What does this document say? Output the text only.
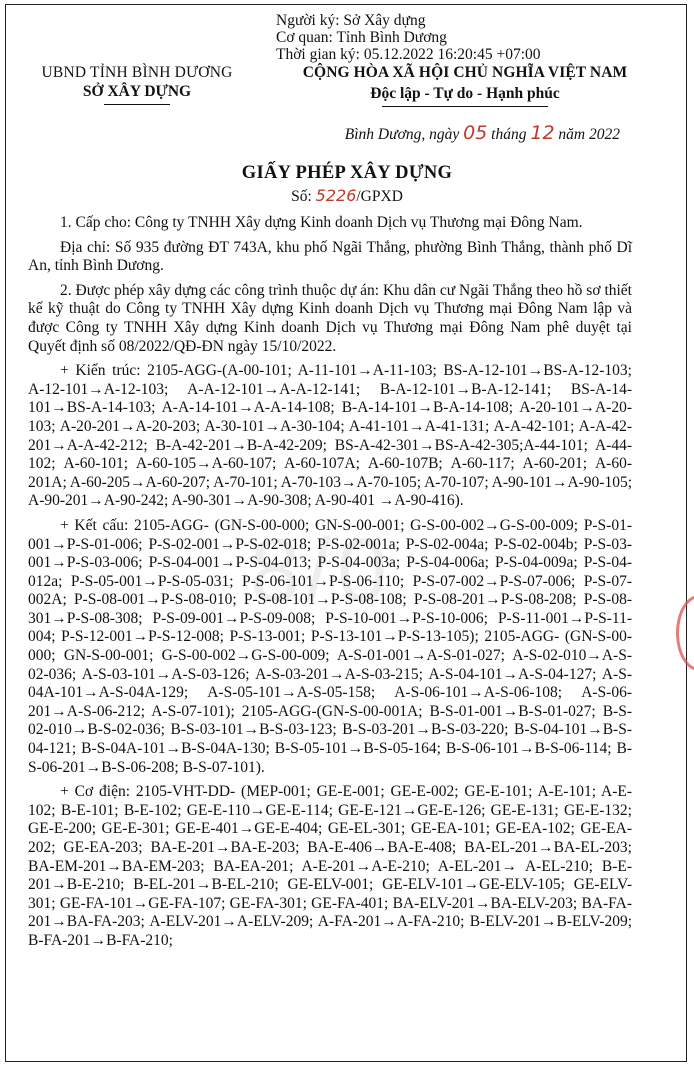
Người ký: Sở Xây dựng
Cơ quan: Tỉnh Bình Dương
Thời gian ký: 05.12.2022 16:20:45 +07:00
UBND TỈNH BÌNH DƯƠNG
SỞ XÂY DỰNG
CỘNG HÒA XÃ HỘI CHỦ NGHĨA VIỆT NAM
Độc lập - Tự do - Hạnh phúc
Bình Dương, ngày 05 tháng 12 năm 2022
GIẤY PHÉP XÂY DỰNG
Số: 5226/GPXD
8/0

1. Cấp cho: Công ty TNHH Xây dựng Kinh doanh Dịch vụ Thương mại Đông Nam.

Địa chỉ: Số 935 đường ĐT 743A, khu phố Ngãi Thắng, phường Bình Thắng, thành phố Dĩ An, tỉnh Bình Dương.

2. Được phép xây dựng các công trình thuộc dự án: Khu dân cư Ngãi Thắng theo hồ sơ thiết kế kỹ thuật do Công ty TNHH Xây dựng Kinh doanh Dịch vụ Thương mại Đông Nam lập và được Công ty TNHH Xây dựng Kinh doanh Dịch vụ Thương mại Đông Nam phê duyệt tại Quyết định số 08/2022/QĐ-ĐN ngày 15/10/2022.

+ Kiến trúc: 2105-AGG-(A-00-101; A-11-101→A-11-103; BS-A-12-101→BS-A-12-103; A-12-101→A-12-103; A-A-12-101→A-A-12-141; B-A-12-101→B-A-12-141; BS-A-14-101→BS-A-14-103; A-A-14-101→A-A-14-108; B-A-14-101→B-A-14-108; A-20-101→A-20-103; A-20-201→A-20-203; A-30-101→A-30-104; A-41-101→A-41-131; A-A-42-101; A-A-42-201→A-A-42-212; B-A-42-201→B-A-42-209; BS-A-42-301→BS-A-42-305;A-44-101; A-44-102; A-60-101; A-60-105→A-60-107; A-60-107A; A-60-107B; A-60-117; A-60-201; A-60-201A; A-60-205→A-60-207; A-70-101; A-70-103→A-70-105; A-70-107; A-90-101→A-90-105; A-90-201→A-90-242; A-90-301→A-90-308; A-90-401 →A-90-416).

+ Kết cấu: 2105-AGG- (GN-S-00-000; GN-S-00-001; G-S-00-002→G-S-00-009; P-S-01-001→P-S-01-006; P-S-02-001→P-S-02-018; P-S-02-001a; P-S-02-004a; P-S-02-004b; P-S-03-001→P-S-03-006; P-S-04-001→P-S-04-013; P-S-04-003a; P-S-04-006a; P-S-04-009a; P-S-04-012a; P-S-05-001→P-S-05-031; P-S-06-101→P-S-06-110; P-S-07-002→P-S-07-006; P-S-07-002A; P-S-08-001→P-S-08-010; P-S-08-101→P-S-08-108; P-S-08-201→P-S-08-208; P-S-08-301→P-S-08-308; P-S-09-001→P-S-09-008; P-S-10-001→P-S-10-006; P-S-11-001→P-S-11-004; P-S-12-001→P-S-12-008; P-S-13-001; P-S-13-101→P-S-13-105); 2105-AGG- (GN-S-00-000; GN-S-00-001; G-S-00-002→G-S-00-009; A-S-01-001→A-S-01-027; A-S-02-010→A-S-02-036; A-S-03-101→A-S-03-126; A-S-03-201→A-S-03-215; A-S-04-101→A-S-04-127; A-S-04A-101→A-S-04A-129; A-S-05-101→A-S-05-158; A-S-06-101→A-S-06-108; A-S-06-201→A-S-06-212; A-S-07-101); 2105-AGG-(GN-S-00-001A; B-S-01-001→B-S-01-027; B-S-02-010→B-S-02-036; B-S-03-101→B-S-03-123; B-S-03-201→B-S-03-220; B-S-04-101→B-S-04-121; B-S-04A-101→B-S-04A-130; B-S-05-101→B-S-05-164; B-S-06-101→B-S-06-114; B-S-06-201→B-S-06-208; B-S-07-101).

+ Cơ điện: 2105-VHT-DD- (MEP-001; GE-E-001; GE-E-002; GE-E-101; A-E-101; A-E-102; B-E-101; B-E-102; GE-E-110→GE-E-114; GE-E-121→GE-E-126; GE-E-131; GE-E-132; GE-E-200; GE-E-301; GE-E-401→GE-E-404; GE-EL-301; GE-EA-101; GE-EA-102; GE-EA-202; GE-EA-203; BA-E-201→BA-E-203; BA-E-406→BA-E-408; BA-EL-201→BA-EL-203; BA-EM-201→BA-EM-203; BA-EA-201; A-E-201→A-E-210; A-EL-201→ A-EL-210; B-E-201→B-E-210; B-EL-201→B-EL-210; GE-ELV-001; GE-ELV-101→GE-ELV-105; GE-ELV-301; GE-FA-101→GE-FA-107; GE-FA-301; GE-FA-401; BA-ELV-201→BA-ELV-203; BA-FA-201→BA-FA-203; A-ELV-201→A-ELV-209; A-FA-201→A-FA-210; B-ELV-201→B-ELV-209; B-FA-201→B-FA-210;
